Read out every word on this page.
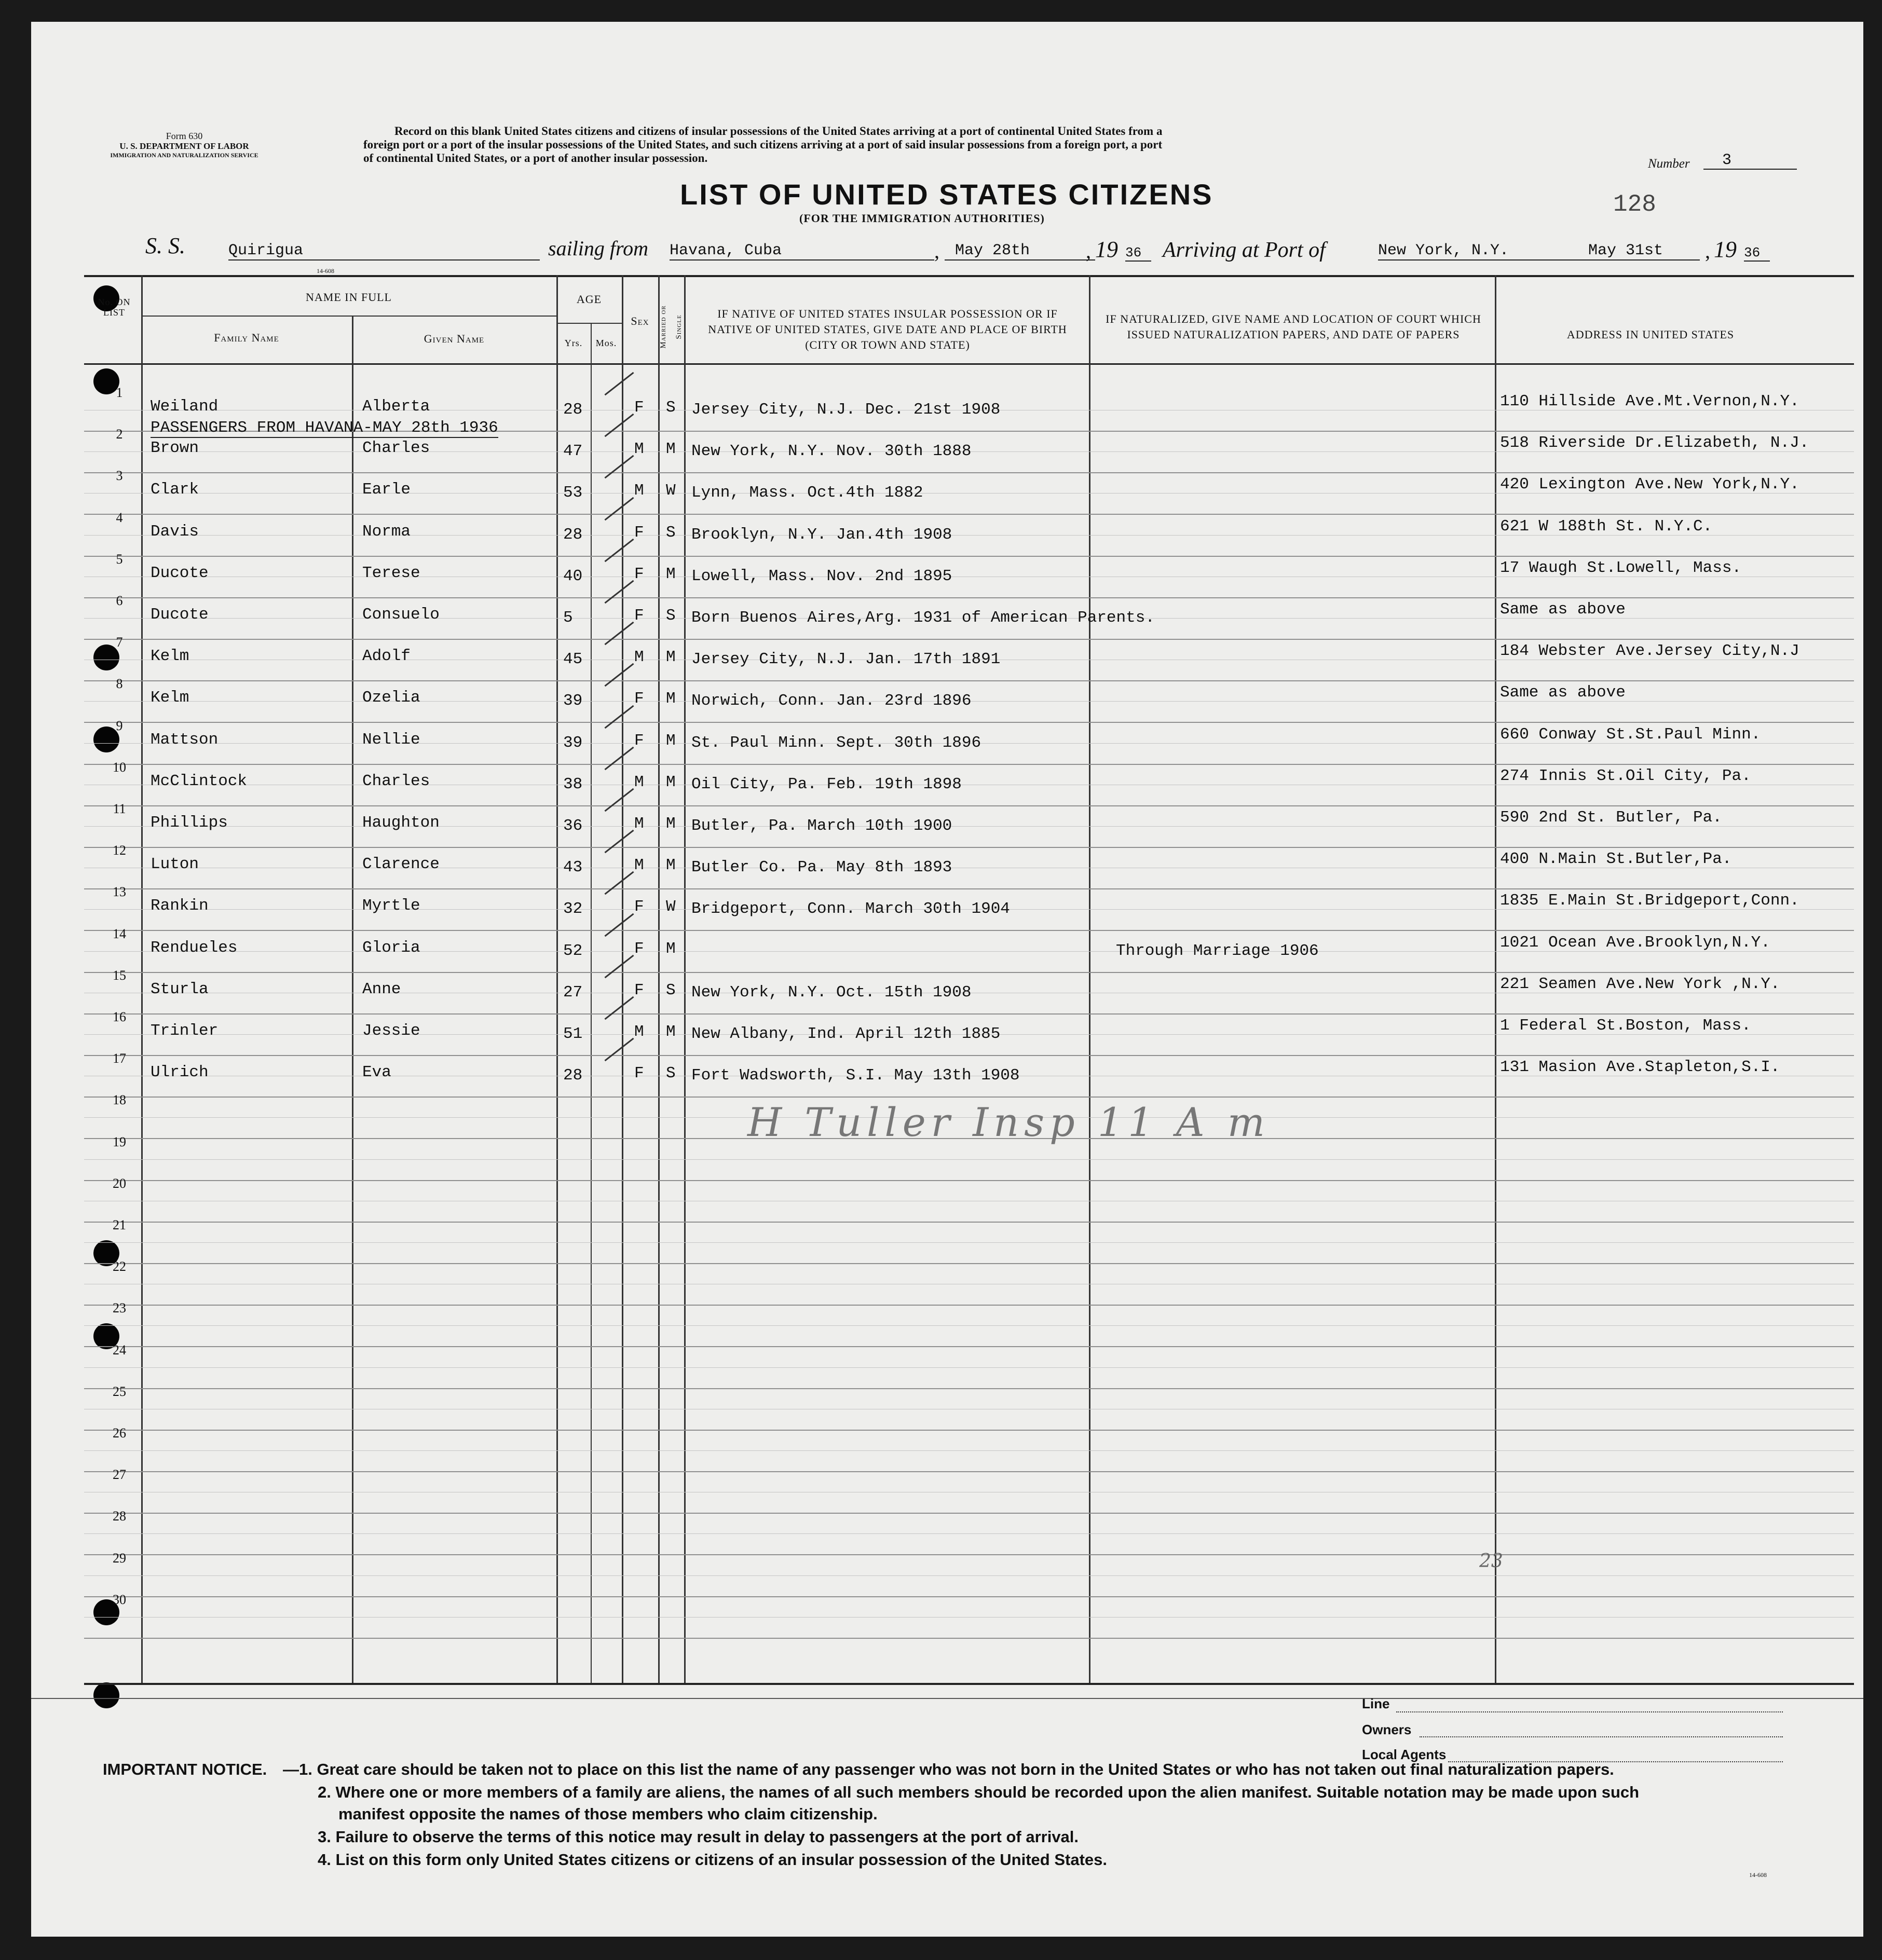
Form 630
U. S. DEPARTMENT OF LABOR
IMMIGRATION AND NATURALIZATION SERVICE
Record on this blank United States citizens and citizens of insular possessions of the United States arriving at a port of continental United States from a
foreign port or a port of the insular possessions of the United States, and such citizens arriving at a port of said insular possessions from a foreign port, a port
of continental United States, or a port of another insular possession.	Number 3
128
LIST OF UNITED STATES CITIZENS
(FOR THE IMMIGRATION AUTHORITIES)
S. S.	Quirigua
14-608
sailing from Havana, Cuba	,	May 28th	, 19 36 Arriving at Port of	New York, N.Y.	May 31st	, 19 36
No. ON LIST
NAME IN FULL
Family Name	Given Name
AGE
Yrs.	Mos.
Sex	Married or Single
IF NATIVE OF UNITED STATES INSULAR POSSESSION OR IF NATIVE OF UNITED STATES, GIVE DATE AND PLACE OF BIRTH (CITY OR TOWN AND STATE)
IF NATURALIZED, GIVE NAME AND LOCATION OF COURT WHICH ISSUED NATURALIZATION PAPERS, AND DATE OF PAPERS	ADDRESS IN UNITED STATES
1
Weiland	Alberta	28	F S Jersey City, N.J. Dec. 21st 1908	110 Hillside Ave.Mt.Vernon,N.Y.
2
Brown	Charles	47	M M New York, N.Y. Nov. 30th 1888	518 Riverside Dr.Elizabeth, N.J.
3
Clark	Earle	53	M W Lynn, Mass. Oct.4th 1882	420 Lexington Ave.New York,N.Y.
4
Davis	Norma	28	F S Brooklyn, N.Y. Jan.4th 1908	621 W 188th St. N.Y.C.
5
Ducote	Terese	40	F M Lowell, Mass. Nov. 2nd 1895	17 Waugh St.Lowell, Mass.
6
Ducote	Consuelo	5	F S Born Buenos Aires,Arg. 1931 of American Parents.	Same as above
7
Kelm	Adolf	45	M M Jersey City, N.J. Jan. 17th 1891	184 Webster Ave.Jersey City,N.J
8
Kelm	Ozelia	39	F M Norwich, Conn. Jan. 23rd 1896	Same as above
9
Mattson	Nellie	39	F M St. Paul Minn. Sept. 30th 1896	660 Conway St.St.Paul Minn.
10
McClintock	Charles	38	M M Oil City, Pa. Feb. 19th 1898	274 Innis St.Oil City, Pa.
11
Phillips	Haughton	36	M M Butler, Pa. March 10th 1900	590 2nd St. Butler, Pa.
12
Luton	Clarence	43	M M Butler Co. Pa. May 8th 1893	400 N.Main St.Butler,Pa.
13
Rankin	Myrtle	32	F W Bridgeport, Conn. March 30th 1904	1835 E.Main St.Bridgeport,Conn.
14
Rendueles	Gloria	52	F M	Through Marriage 1906	1021 Ocean Ave.Brooklyn,N.Y.
15
Sturla	Anne	27	F S New York, N.Y. Oct. 15th 1908	221 Seamen Ave.New York ,N.Y.
16
Trinler	Jessie	51	M M New Albany, Ind. April 12th 1885	1 Federal St.Boston, Mass.
17
Ulrich	Eva	28	F S Fort Wadsworth, S.I. May 13th 1908	131 Masion Ave.Stapleton,S.I.
18
19
20
21
22
23
24
25
26
27
28
29
30
PASSENGERS FROM HAVANA-MAY 28th 1936
H Tuller Insp 11 A m
23
Line
Owners
Local Agents
IMPORTANT NOTICE. —1. Great care should be taken not to place on this list the name of any passenger who was not born in the United States or who has not taken out final naturalization papers.
2. Where one or more members of a family are aliens, the names of all such members should be recorded upon the alien manifest. Suitable notation may be made upon such
manifest opposite the names of those members who claim citizenship.
3. Failure to observe the terms of this notice may result in delay to passengers at the port of arrival.
4. List on this form only United States citizens or citizens of an insular possession of the United States.
14-608
